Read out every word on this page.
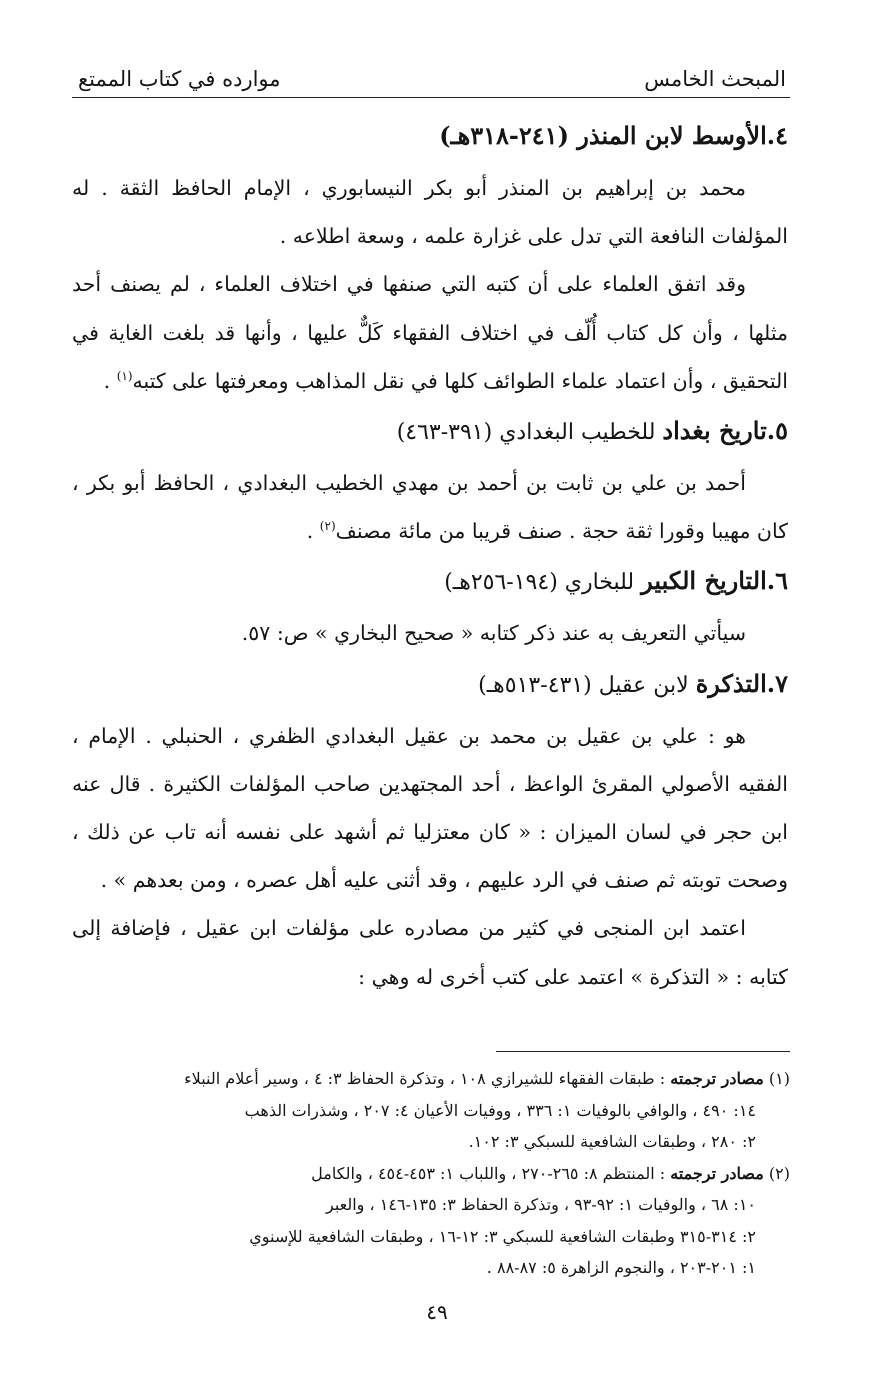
المبحث الخامس
موارده في كتاب الممتع
٤.الأوسط لابن المنذر (٢٤١-٣١٨هـ)

محمد بن إبراهيم بن المنذر أبو بكر النيسابوري ، الإمام الحافظ الثقة . له المؤلفات النافعة التي تدل على غزارة علمه ، وسعة اطلاعه .

وقد اتفق العلماء على أن كتبه التي صنفها في اختلاف العلماء ، لم يصنف أحد مثلها ، وأن كل كتاب أُلّف في اختلاف الفقهاء كَلٌّ عليها ، وأنها قد بلغت الغاية في التحقيق ، وأن اعتماد علماء الطوائف كلها في نقل المذاهب ومعرفتها على كتبه$^{(١)}$ .

٥.تاريخ بغداد للخطيب البغدادي (٣٩١-٤٦٣)

أحمد بن علي بن ثابت بن أحمد بن مهدي الخطيب البغدادي ، الحافظ أبو بكر ، كان مهيبا وقورا ثقة حجة . صنف قريبا من مائة مصنف$^{(٢)}$ .

٦.التاريخ الكبير للبخاري (١٩٤-٢٥٦هـ)

سيأتي التعريف به عند ذكر كتابه « صحيح البخاري » ص: ٥٧.

٧.التذكرة لابن عقيل (٤٣١-٥١٣هـ)

هو : علي بن عقيل بن محمد بن عقيل البغدادي الظفري ، الحنبلي . الإمام ، الفقيه الأصولي المقرئ الواعظ ، أحد المجتهدين صاحب المؤلفات الكثيرة . قال عنه ابن حجر في لسان الميزان : « كان معتزليا ثم أشهد على نفسه أنه تاب عن ذلك ، وصحت توبته ثم صنف في الرد عليهم ، وقد أثنى عليه أهل عصره ، ومن بعدهم » .

اعتمد ابن المنجى في كثير من مصادره على مؤلفات ابن عقيل ، فإضافة إلى كتابه : « التذكرة » اعتمد على كتب أخرى له وهي :

(١) مصادر ترجمته : طبقات الفقهاء للشيرازي ١٠٨ ، وتذكرة الحفاظ ٣: ٤ ، وسير أعلام النبلاء

١٤: ٤٩٠ ، والوافي بالوفيات ١: ٣٣٦ ، ووفيات الأعيان ٤: ٢٠٧ ، وشذرات الذهب

٢: ٢٨٠ ، وطبقات الشافعية للسبكي ٣: ١٠٢.

(٢) مصادر ترجمته : المنتظم ٨: ٢٦٥-٢٧٠ ، واللباب ١: ٤٥٣-٤٥٤ ، والكامل

١٠: ٦٨ ، والوفيات ١: ٩٢-٩٣ ، وتذكرة الحفاظ ٣: ١٣٥-١٤٦ ، والعبر

٢: ٣١٤-٣١٥ وطبقات الشافعية للسبكي ٣: ١٢-١٦ ، وطبقات الشافعية للإسنوي

١: ٢٠١-٢٠٣ ، والنجوم الزاهرة ٥: ٨٧-٨٨ .

٤٩
